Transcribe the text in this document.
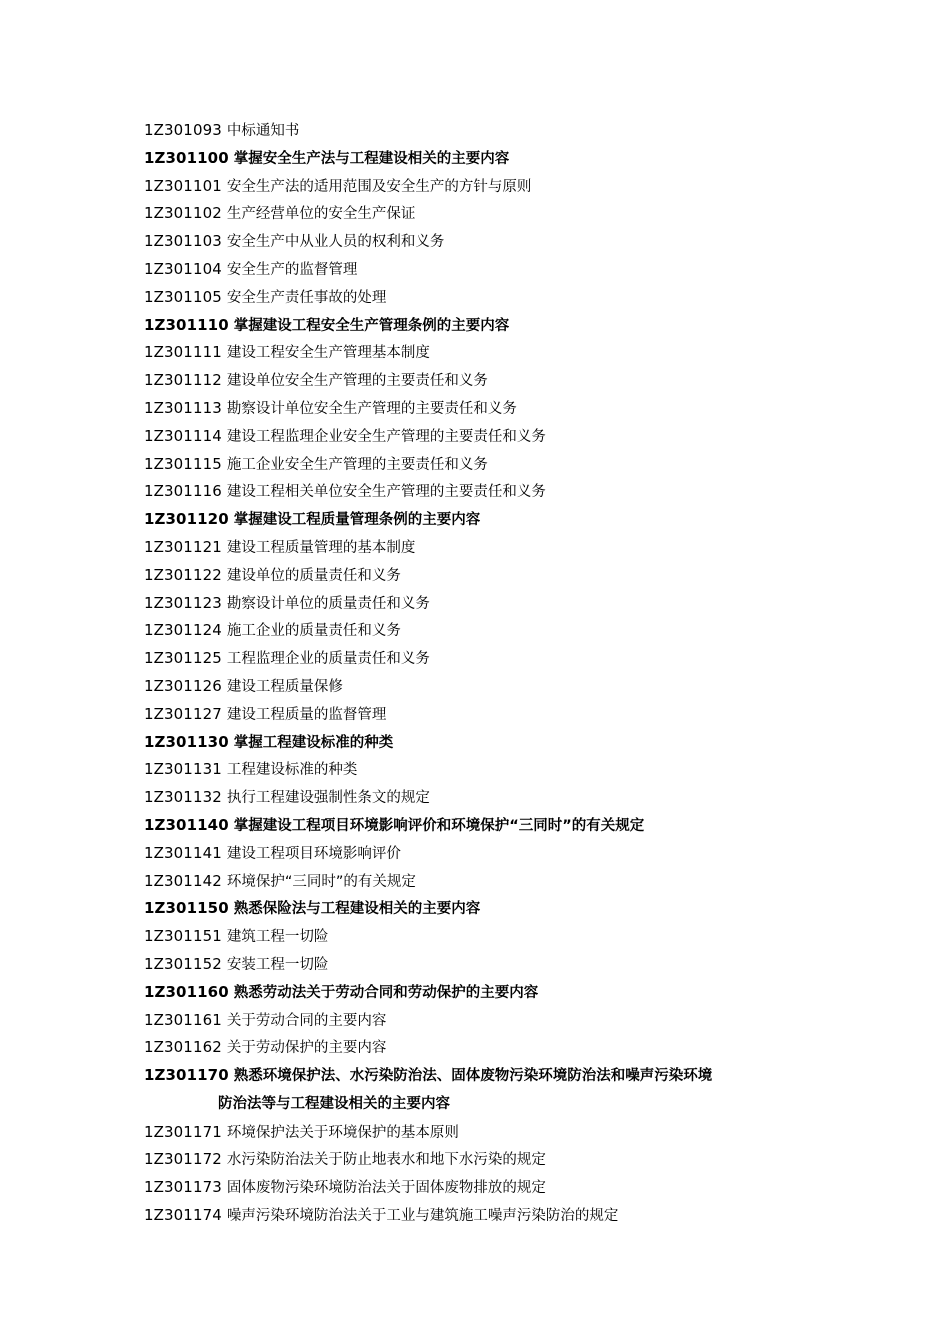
1Z301093 中标通知书
1Z301100 掌握安全生产法与工程建设相关的主要内容
1Z301101 安全生产法的适用范围及安全生产的方针与原则
1Z301102 生产经营单位的安全生产保证
1Z301103 安全生产中从业人员的权利和义务
1Z301104 安全生产的监督管理
1Z301105 安全生产责任事故的处理
1Z301110 掌握建设工程安全生产管理条例的主要内容
1Z301111 建设工程安全生产管理基本制度
1Z301112 建设单位安全生产管理的主要责任和义务
1Z301113 勘察设计单位安全生产管理的主要责任和义务
1Z301114 建设工程监理企业安全生产管理的主要责任和义务
1Z301115 施工企业安全生产管理的主要责任和义务
1Z301116 建设工程相关单位安全生产管理的主要责任和义务
1Z301120 掌握建设工程质量管理条例的主要内容
1Z301121 建设工程质量管理的基本制度
1Z301122 建设单位的质量责任和义务
1Z301123 勘察设计单位的质量责任和义务
1Z301124 施工企业的质量责任和义务
1Z301125 工程监理企业的质量责任和义务
1Z301126 建设工程质量保修
1Z301127 建设工程质量的监督管理
1Z301130 掌握工程建设标准的种类
1Z301131 工程建设标准的种类
1Z301132 执行工程建设强制性条文的规定
1Z301140 掌握建设工程项目环境影响评价和环境保护“三同时”的有关规定
1Z301141 建设工程项目环境影响评价
1Z301142 环境保护“三同时”的有关规定
1Z301150 熟悉保险法与工程建设相关的主要内容
1Z301151 建筑工程一切险
1Z301152 安装工程一切险
1Z301160 熟悉劳动法关于劳动合同和劳动保护的主要内容
1Z301161 关于劳动合同的主要内容
1Z301162 关于劳动保护的主要内容
1Z301170 熟悉环境保护法、水污染防治法、固体废物污染环境防治法和噪声污染环境
防治法等与工程建设相关的主要内容
1Z301171 环境保护法关于环境保护的基本原则
1Z301172 水污染防治法关于防止地表水和地下水污染的规定
1Z301173 固体废物污染环境防治法关于固体废物排放的规定
1Z301174 噪声污染环境防治法关于工业与建筑施工噪声污染防治的规定
